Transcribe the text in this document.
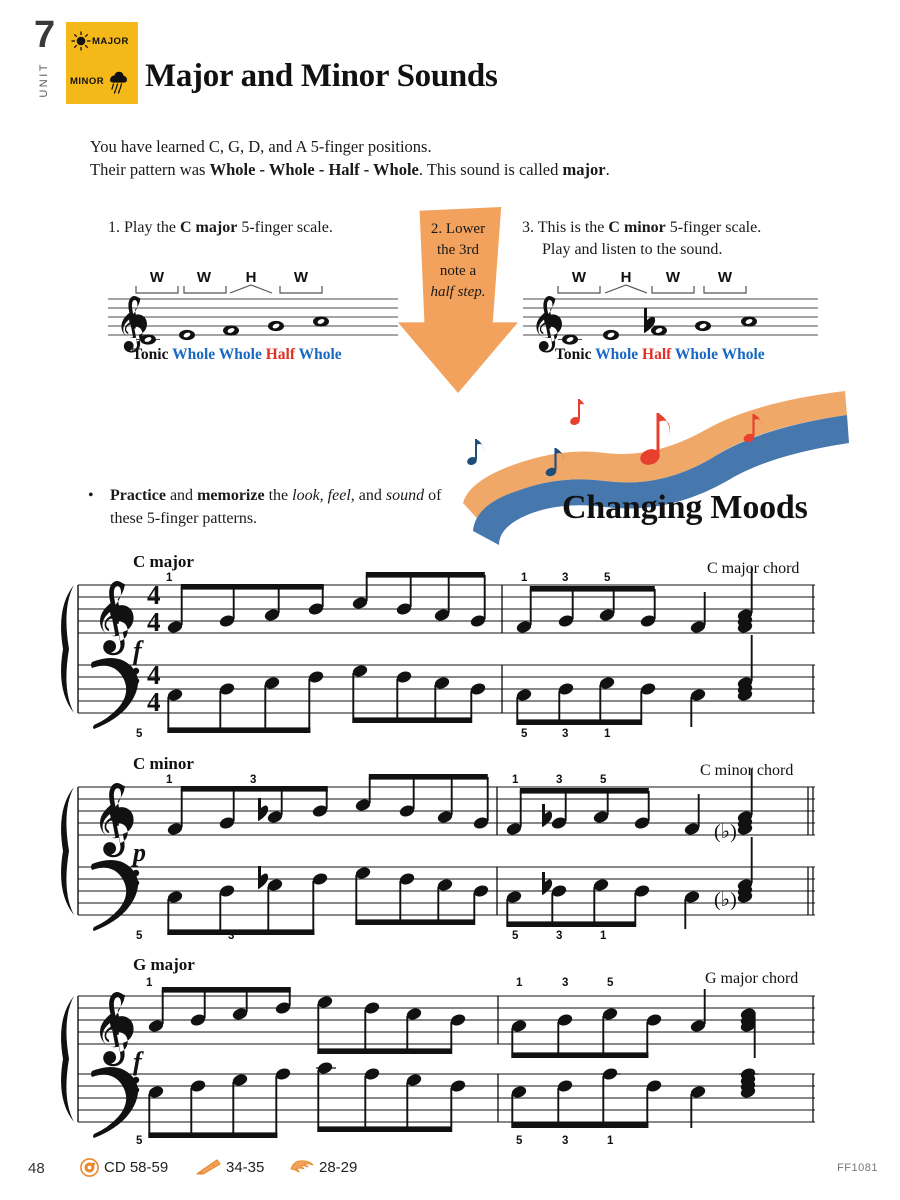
7
UNIT
MAJOR
MINOR Major and Minor Sounds
You have learned C, G, D, and A 5-finger positions.
Their pattern was Whole - Whole - Half - Whole. This sound is called major.
1. Play the C major 5-finger scale.	2. Lower
the 3rd
note a
half step.
3. This is the C minor 5-finger scale.
Play and listen to the sound.
W W H W
Tonic Whole Whole Half Whole
W H W	W
Tonic Whole Half Whole Whole
Changing Moods
•	Practice and memorize the look, feel, and sound of these 5-finger patterns.
C major	C major chord
1	1	3	5
5	5	3	1
f
4
4
4
4
C minor	C minor chord
1	3	1	3	5
5	3	5	3	1
p
(♭)
(♭)
G major
G major chord
1	1	3	5
5	5	3	1
f
48	CD 58-59	34-35	28-29	FF1081
